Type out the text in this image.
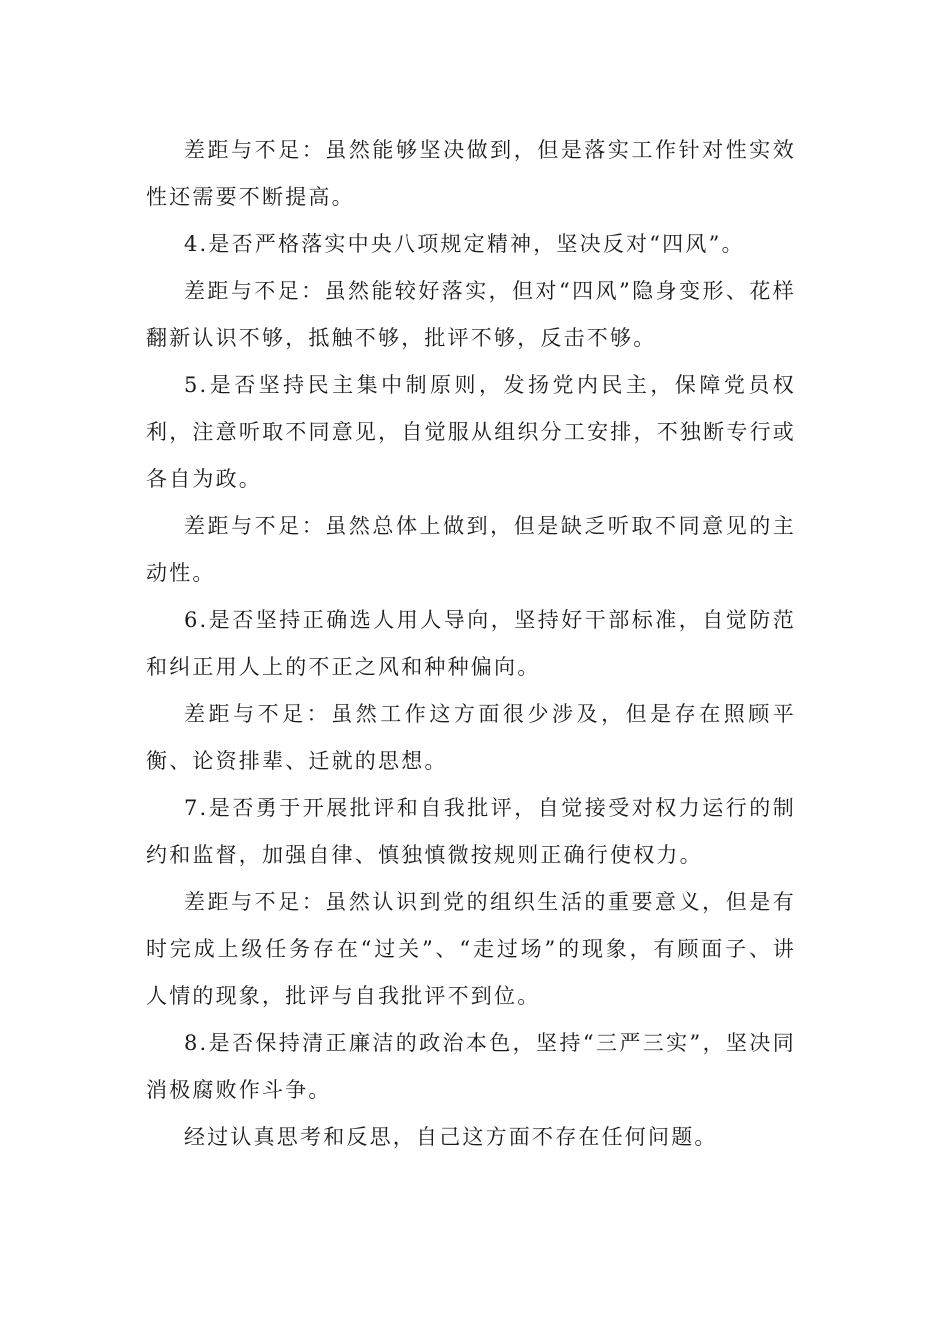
差距与不足：虽然能够坚决做到，但是落实工作针对性实效性还需要不断提高。

4.是否严格落实中央八项规定精神，坚决反对“四风”。

差距与不足：虽然能较好落实，但对“四风”隐身变形、花样翻新认识不够，抵触不够，批评不够，反击不够。

5.是否坚持民主集中制原则，发扬党内民主，保障党员权利，注意听取不同意见，自觉服从组织分工安排，不独断专行或各自为政。

差距与不足：虽然总体上做到，但是缺乏听取不同意见的主动性。

6.是否坚持正确选人用人导向，坚持好干部标准，自觉防范和纠正用人上的不正之风和种种偏向。

差距与不足：虽然工作这方面很少涉及，但是存在照顾平衡、论资排辈、迁就的思想。

7.是否勇于开展批评和自我批评，自觉接受对权力运行的制约和监督，加强自律、慎独慎微按规则正确行使权力。

差距与不足：虽然认识到党的组织生活的重要意义，但是有时完成上级任务存在“过关”、“走过场”的现象，有顾面子、讲人情的现象，批评与自我批评不到位。

8.是否保持清正廉洁的政治本色，坚持“三严三实”，坚决同消极腐败作斗争。

经过认真思考和反思，自己这方面不存在任何问题。
